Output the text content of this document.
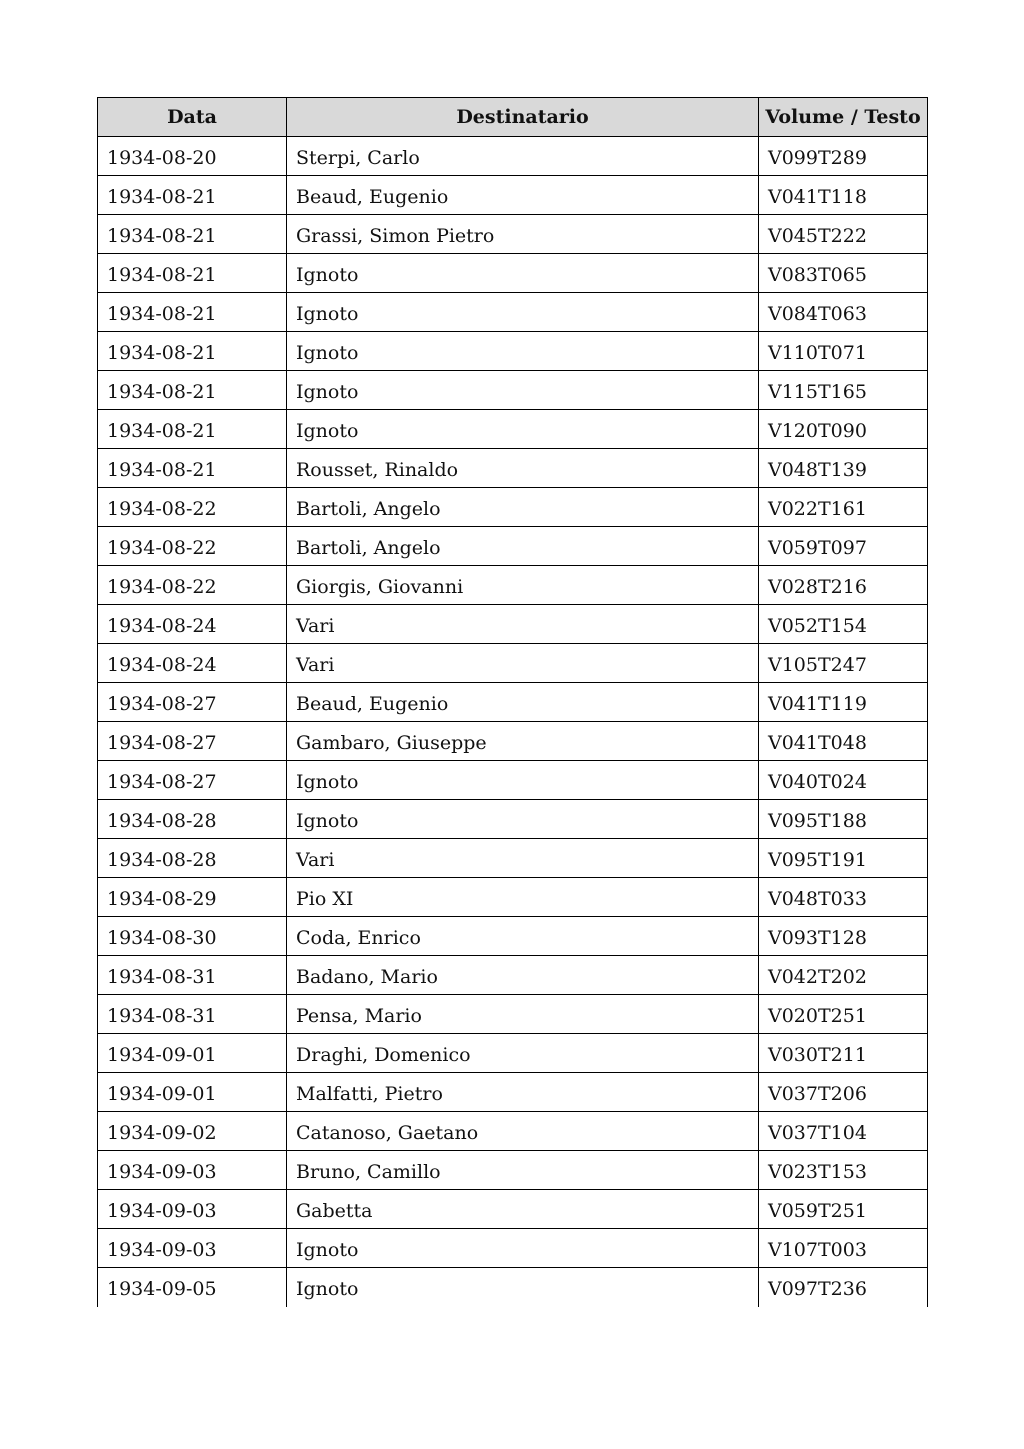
Data	Destinatario	Volume / Testo
1934-08-20	Sterpi, Carlo	V099T289
1934-08-21	Beaud, Eugenio	V041T118
1934-08-21	Grassi, Simon Pietro	V045T222
1934-08-21	Ignoto	V083T065
1934-08-21	Ignoto	V084T063
1934-08-21	Ignoto	V110T071
1934-08-21	Ignoto	V115T165
1934-08-21	Ignoto	V120T090
1934-08-21	Rousset, Rinaldo	V048T139
1934-08-22	Bartoli, Angelo	V022T161
1934-08-22	Bartoli, Angelo	V059T097
1934-08-22	Giorgis, Giovanni	V028T216
1934-08-24	Vari	V052T154
1934-08-24	Vari	V105T247
1934-08-27	Beaud, Eugenio	V041T119
1934-08-27	Gambaro, Giuseppe	V041T048
1934-08-27	Ignoto	V040T024
1934-08-28	Ignoto	V095T188
1934-08-28	Vari	V095T191
1934-08-29	Pio XI	V048T033
1934-08-30	Coda, Enrico	V093T128
1934-08-31	Badano, Mario	V042T202
1934-08-31	Pensa, Mario	V020T251
1934-09-01	Draghi, Domenico	V030T211
1934-09-01	Malfatti, Pietro	V037T206
1934-09-02	Catanoso, Gaetano	V037T104
1934-09-03	Bruno, Camillo	V023T153
1934-09-03	Gabetta	V059T251
1934-09-03	Ignoto	V107T003
1934-09-05	Ignoto	V097T236
